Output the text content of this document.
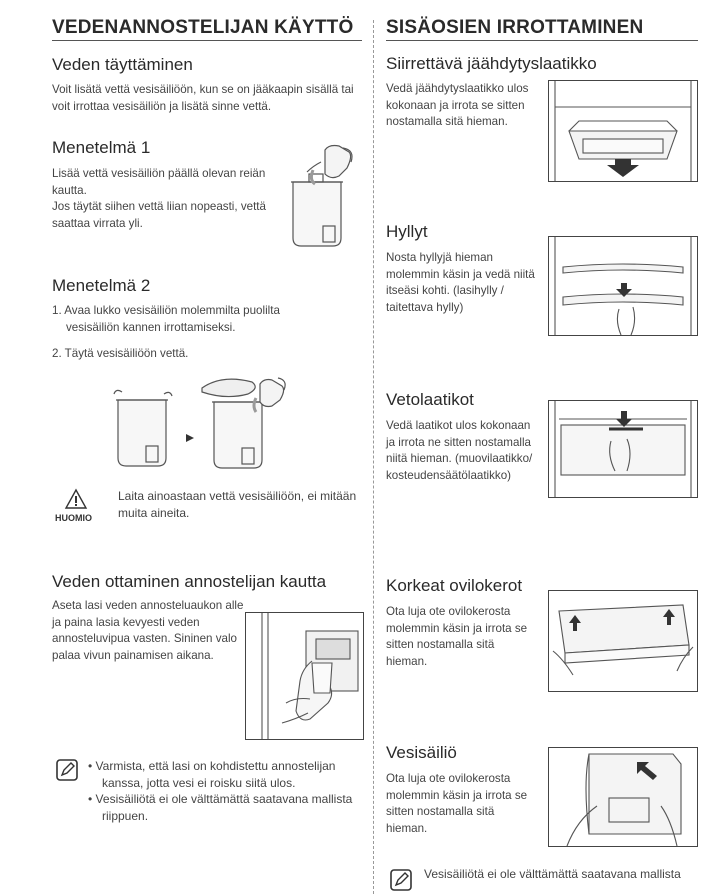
VEDENANNOSTELIJAN KÄYTTÖ
Veden täyttäminen
Voit lisätä vettä vesisäiliöön, kun se on jääkaapin sisällä tai voit irrottaa vesisäiliön ja lisätä sinne vettä.
Menetelmä 1
Lisää vettä vesisäiliön päällä olevan reiän kautta.
Jos täytät siihen vettä liian nopeasti, vettä saattaa virrata yli.
Menetelmä 2
1. Avaa lukko vesisäiliön molemmilta puolilta vesisäiliön kannen irrottamiseksi.
2. Täytä vesisäiliöön vettä.
HUOMIO
Laita ainoastaan vettä vesisäiliöön, ei mitään muita aineita.
Veden ottaminen annostelijan kautta
Aseta lasi veden annosteluaukon alle ja paina lasia kevyesti veden annosteluvipua vasten. Sininen valo palaa vivun painamisen aikana.
• Varmista, että lasi on kohdistettu annostelijan kanssa, jotta vesi ei roisku siitä ulos.
• Vesisäiliötä ei ole välttämättä saatavana mallista riippuen.
SISÄOSIEN IRROTTAMINEN
Siirrettävä jäähdytyslaatikko
Vedä jäähdytyslaatikko ulos kokonaan ja irrota se sitten nostamalla sitä hieman.
Hyllyt
Nosta hyllyjä hieman molemmin käsin ja vedä niitä itseäsi kohti. (lasihylly / taitettava hylly)
Vetolaatikot
Vedä laatikot ulos kokonaan ja irrota ne sitten nostamalla niitä hieman. (muovilaatikko/ kosteudensäätölaatikko)
Korkeat ovilokerot
Ota luja ote ovilokerosta molemmin käsin ja irrota se sitten nostamalla sitä hieman.
Vesisäiliö
Ota luja ote ovilokerosta molemmin käsin ja irrota se sitten nostamalla sitä hieman.
Vesisäiliötä ei ole välttämättä saatavana mallista
